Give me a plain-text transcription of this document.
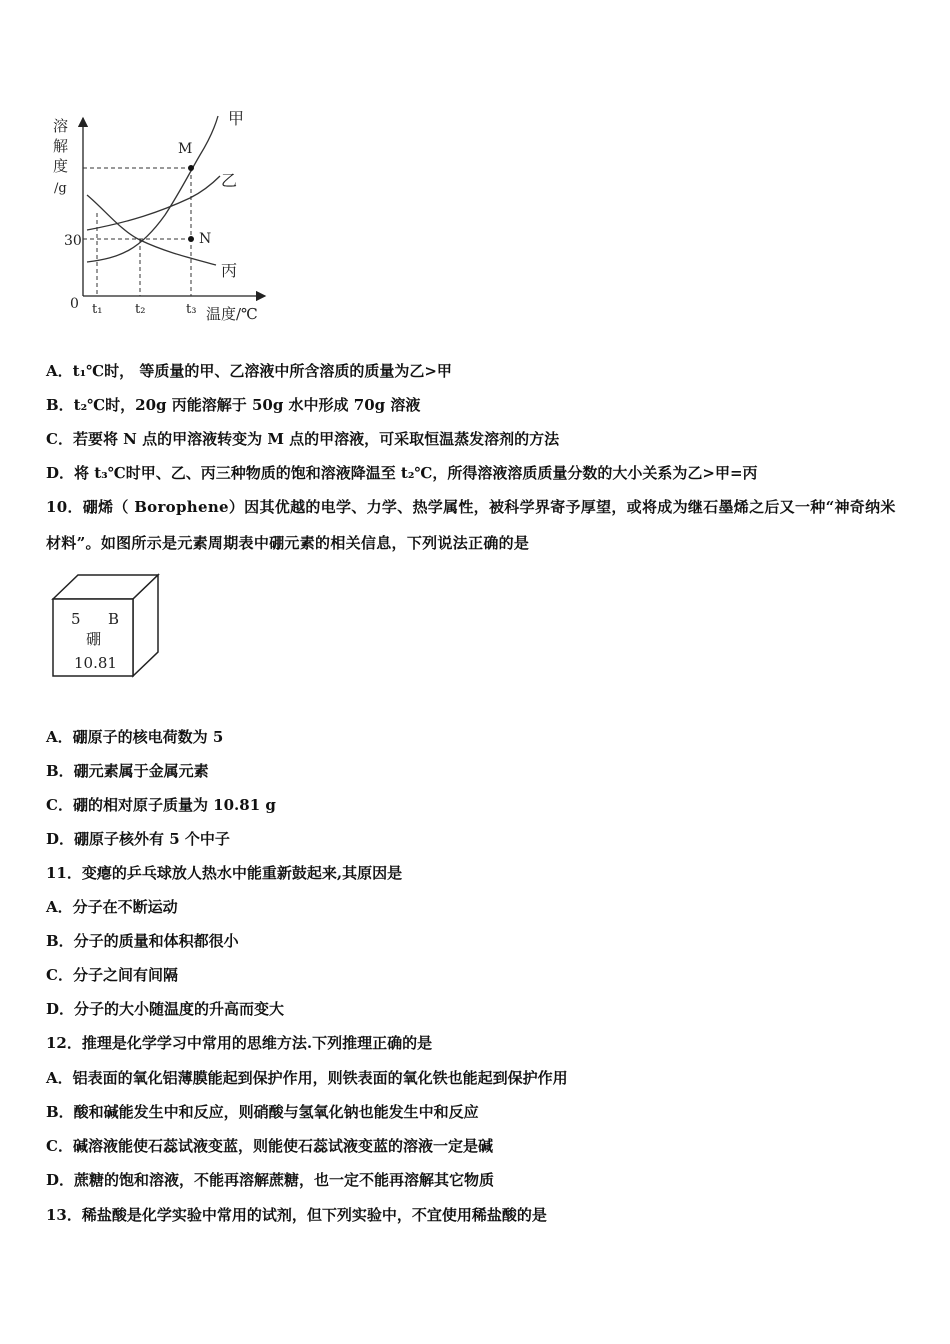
溶
解
度
/g
温度/℃
0
30
t₁	t₂	t₃
甲
乙
丙
M
N
A．t₁℃时， 等质量的甲、乙溶液中所含溶质的质量为乙>甲
B．t₂℃时，20g 丙能溶解于 50g 水中形成 70g 溶液
C．若要将 N 点的甲溶液转变为 M 点的甲溶液，可采取恒温蒸发溶剂的方法
D．将 t₃℃时甲、乙、丙三种物质的饱和溶液降温至 t₂℃，所得溶液溶质质量分数的大小关系为乙>甲=丙
10．硼烯（ Borophene）因其优越的电学、力学、热学属性，被科学界寄予厚望，或将成为继石墨烯之后又一种“神奇纳米材料”。如图所示是元素周期表中硼元素的相关信息，下列说法正确的是
5 B
硼
10.81
A．硼原子的核电荷数为 5
B．硼元素属于金属元素
C．硼的相对原子质量为 10.81 g
D．硼原子核外有 5 个中子
11．变瘪的乒乓球放人热水中能重新鼓起来,其原因是
A．分子在不断运动
B．分子的质量和体积都很小
C．分子之间有间隔
D．分子的大小随温度的升高而变大
12．推理是化学学习中常用的思维方法.下列推理正确的是
A．铝表面的氧化铝薄膜能起到保护作用，则铁表面的氧化铁也能起到保护作用
B．酸和碱能发生中和反应，则硝酸与氢氧化钠也能发生中和反应
C．碱溶液能使石蕊试液变蓝，则能使石蕊试液变蓝的溶液一定是碱
D．蔗糖的饱和溶液，不能再溶解蔗糖，也一定不能再溶解其它物质
13．稀盐酸是化学实验中常用的试剂，但下列实验中，不宜使用稀盐酸的是
